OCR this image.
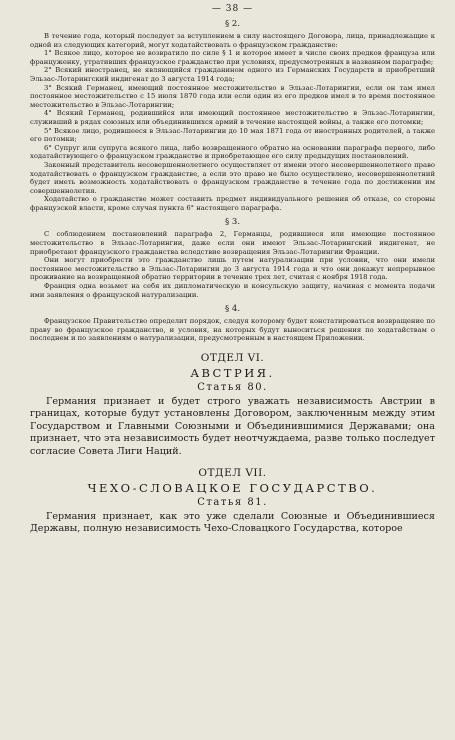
— 38 —
§ 2.

В течение года, который последует за вступлением в силу настоящего Договора, лица, принадлежащие к одной из следующих категорий, могут ходатайствовать о французском гражданстве:

1° Всякое лицо, которое не возвратило по силе § 1 и которое имеет в числе своих предков француза или француженку, утративших французское гражданство при условиях, предусмотренных в названном параграфе;

2° Всякий иностранец, не являющийся гражданином одного из Германских Государств и приобретший Эльзас-Лотарингский индигенат до 3 августа 1914 года;

3° Всякий Германец, имеющий постоянное местожительство в Эльзас-Лотарингии, если он там имел постоянное местожительство с 15 июля 1870 года или если один из его предков имел в то время постоянное местожительство в Эльзас-Лотарингии;

4° Всякий Германец, родившийся или имеющий постоянное местожительство в Эльзас-Лотарингии, служивший в рядах союзных или объединившихся армий в течение настоящей войны, а также его потомки;

5° Всякое лицо, родившееся в Эльзас-Лотарингии до 10 мая 1871 года от иностранных родителей, а также его потомки;

6° Супруг или супруга всякого лица, либо возвращенного обратно на основании параграфа первого, либо ходатайствующего о французском гражданстве и приобретающее его силу предыдущих постановлений.

Законный представитель несовершеннолетнего осуществляет от имени этого несовершеннолетнего право ходатайствовать о французском гражданстве, а если это право не было осуществлено, несовершеннолетний будет иметь возможность ходатайствовать о французском гражданстве в течение года по достижении им совершеннолетия.

Ходатайство о гражданстве может составить предмет индивидуального решения об отказе, со стороны французской власти, кроме случая пункта 6° настоящего параграфа.

§ 3.

С соблюдением постановлений параграфа 2, Германцы, родившиеся или имеющие постоянное местожительство в Эльзас-Лотарингии, даже если они имеют Эльзас-Лотарингский индигенат, не приобретают французского гражданства вследствие возвращения Эльзас-Лотарингии Франции.

Они могут приобрести это гражданство лишь путем натурализации при условии, что они имели постоянное местожительство в Эльзас-Лотарингии до 3 августа 1914 года и что они докажут непрерывное проживание на возвращенной обратно территории в течение трех лет, считая с ноября 1918 года.

Франция одна возьмет на себя их дипломатическую и консульскую защиту, начиная с момента подачи ими заявления о французской натурализации.

§ 4.

Французское Правительство определит порядок, следуя которому будет констатироваться возвращение по праву во французское гражданство, и условия, на которых будут выноситься решения по ходатайствам о последнем и по заявлениям о натурализации, предусмотренным в настоящем Приложении.

ОТДЕЛ VI.
АВСТРИЯ.
Статья 80.

Германия признает и будет строго уважать независимость Австрии в границах, которые будут установлены Договором, заключенным между этим Государством и Главными Союзными и Объединившимися Державами; она признает, что эта независимость будет неотчуждаема, разве только последует согласие Совета Лиги Наций.

ОТДЕЛ VII.
ЧЕХО-СЛОВАЦКОЕ ГОСУДАРСТВО.
Статья 81.

Германия признает, как это уже сделали Союзные и Объединившиеся Державы, полную независимость Чехо-Словацкого Государства, которое
